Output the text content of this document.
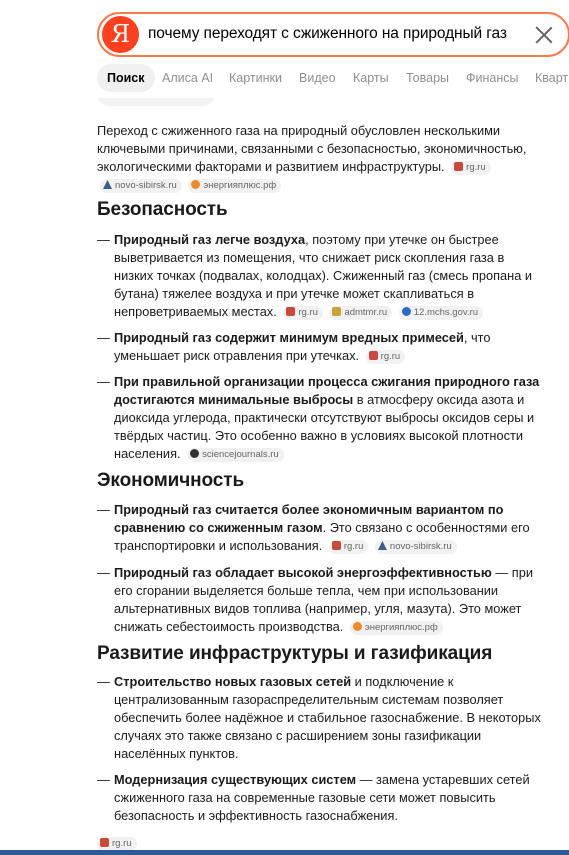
Я	почему переходят с сжиженного на природный газ
Поиск	Алиса AI Картинки Видео Карты Товары Финансы Кварт

Переход с сжиженного газа на природный обусловлен несколькими ключевыми причинами, связанными с безопасностью, экономичностью, экологическими факторами и развитием инфраструктуры. rg.ru novo-sibirsk.ru	энергияплюс.рф

Безопасность
— Природный газ легче воздуха, поэтому при утечке он быстрее выветривается из помещения, что снижает риск скопления газа в низких точках (подвалах, колодцах). Сжиженный газ (смесь пропана и бутана) тяжелее воздуха и при утечке может скапливаться в непроветриваемых местах. rg.ru	admtmr.ru	12.mchs.gov.ru
— Природный газ содержит минимум вредных примесей, что уменьшает риск отравления при утечках. rg.ru
— При правильной организации процесса сжигания природного газа достигаются минимальные выбросы в атмосферу оксида азота и диоксида углерода, практически отсутствуют выбросы оксидов серы и твёрдых частиц. Это особенно важно в условиях высокой плотности населения. sciencejournals.ru
Экономичность
— Природный газ считается более экономичным вариантом по сравнению со сжиженным газом. Это связано с особенностями его транспортировки и использования. rg.ru	novo-sibirsk.ru
— Природный газ обладает высокой энергоэффективностью — при его сгорании выделяется больше тепла, чем при использовании альтернативных видов топлива (например, угля, мазута). Это может снижать себестоимость производства. энергияплюс.рф
Развитие инфраструктуры и газификация
— Строительство новых газовых сетей и подключение к централизованным газораспределительным системам позволяет обеспечить более надёжное и стабильное газоснабжение. В некоторых случаях это также связано с расширением зоны газификации населённых пунктов.
— Модернизация существующих систем — замена устаревших сетей сжиженного газа на современные газовые сети может повысить безопасность и эффективность газоснабжения.
rg.ru
